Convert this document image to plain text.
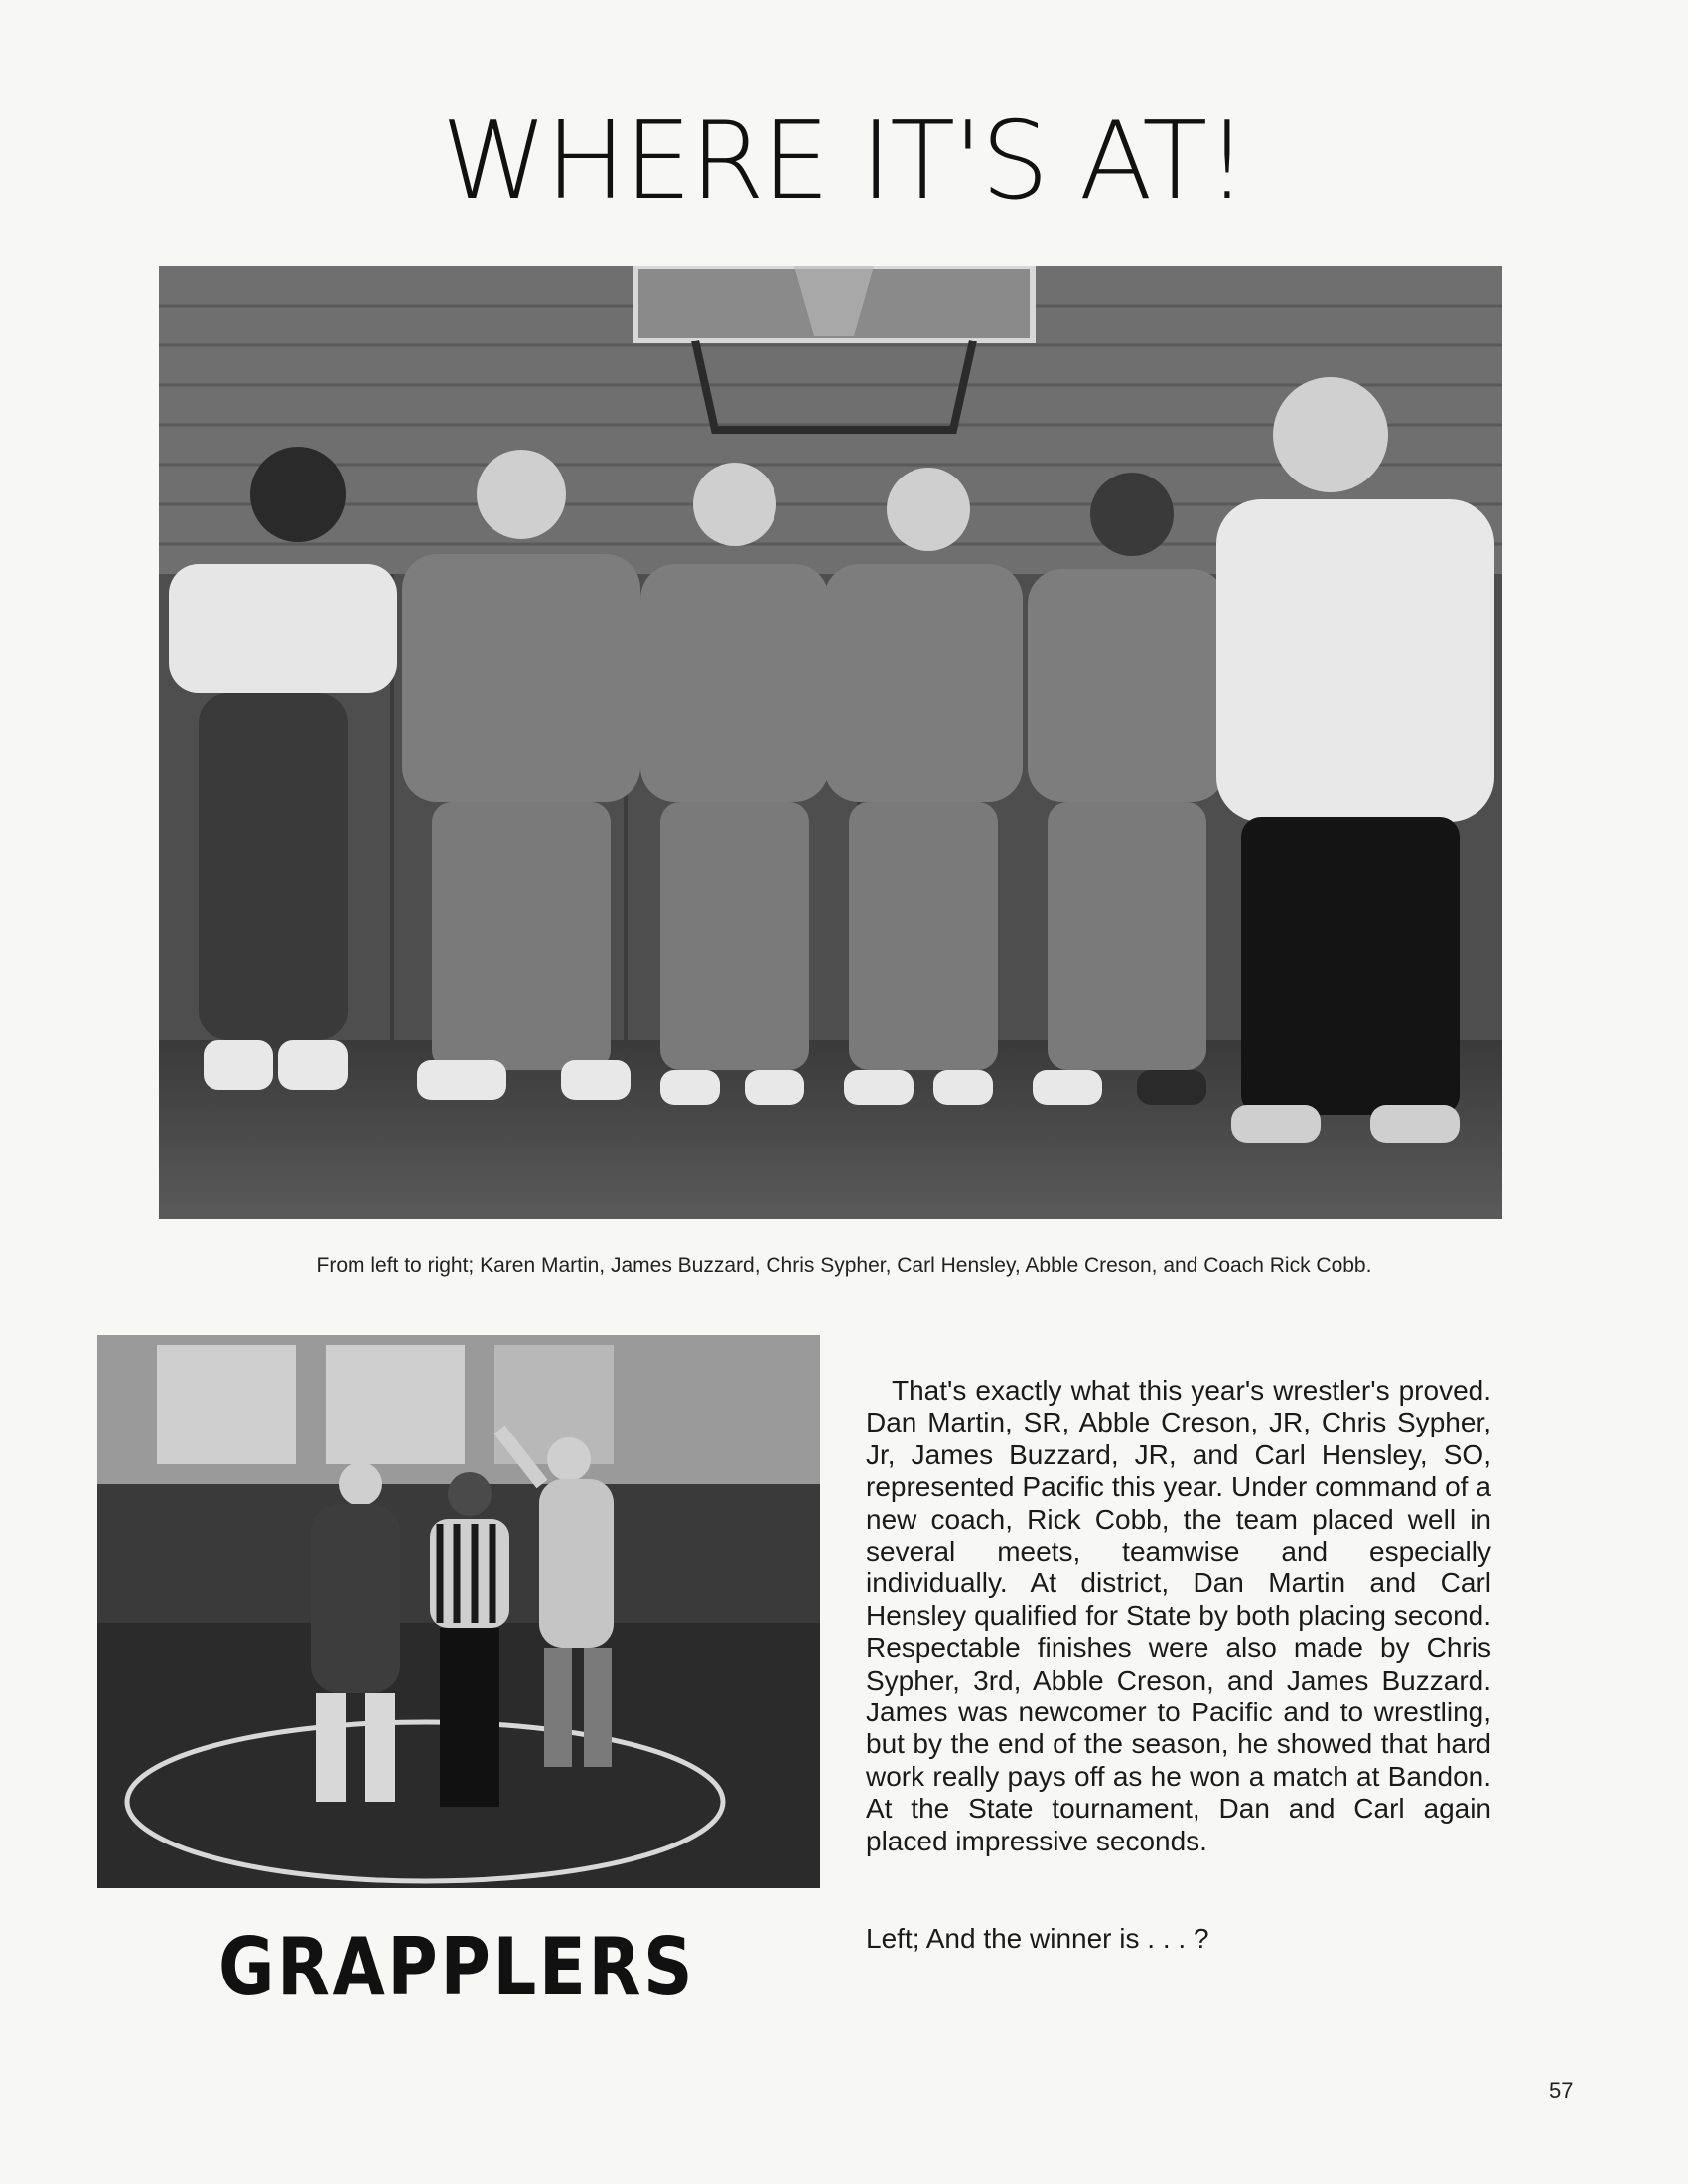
WHERE IT'S AT!

From left to right; Karen Martin, James Buzzard, Chris Sypher, Carl Hensley, Abble Creson, and Coach Rick Cobb.

That's exactly what this year's wrestler's proved. Dan Martin, SR, Abble Creson, JR, Chris Sypher, Jr, James Buzzard, JR, and Carl Hensley, SO, represented Pacific this year. Under command of a new coach, Rick Cobb, the team placed well in several meets, teamwise and especially individually. At district, Dan Martin and Carl Hensley qualified for State by both placing second. Respectable finishes were also made by Chris Sypher, 3rd, Abble Creson, and James Buzzard. James was newcomer to Pacific and to wrestling, but by the end of the season, he showed that hard work really pays off as he won a match at Bandon. At the State tournament, Dan and Carl again placed impressive seconds.

Left; And the winner is . . . ?

GRAPPLERS

57
